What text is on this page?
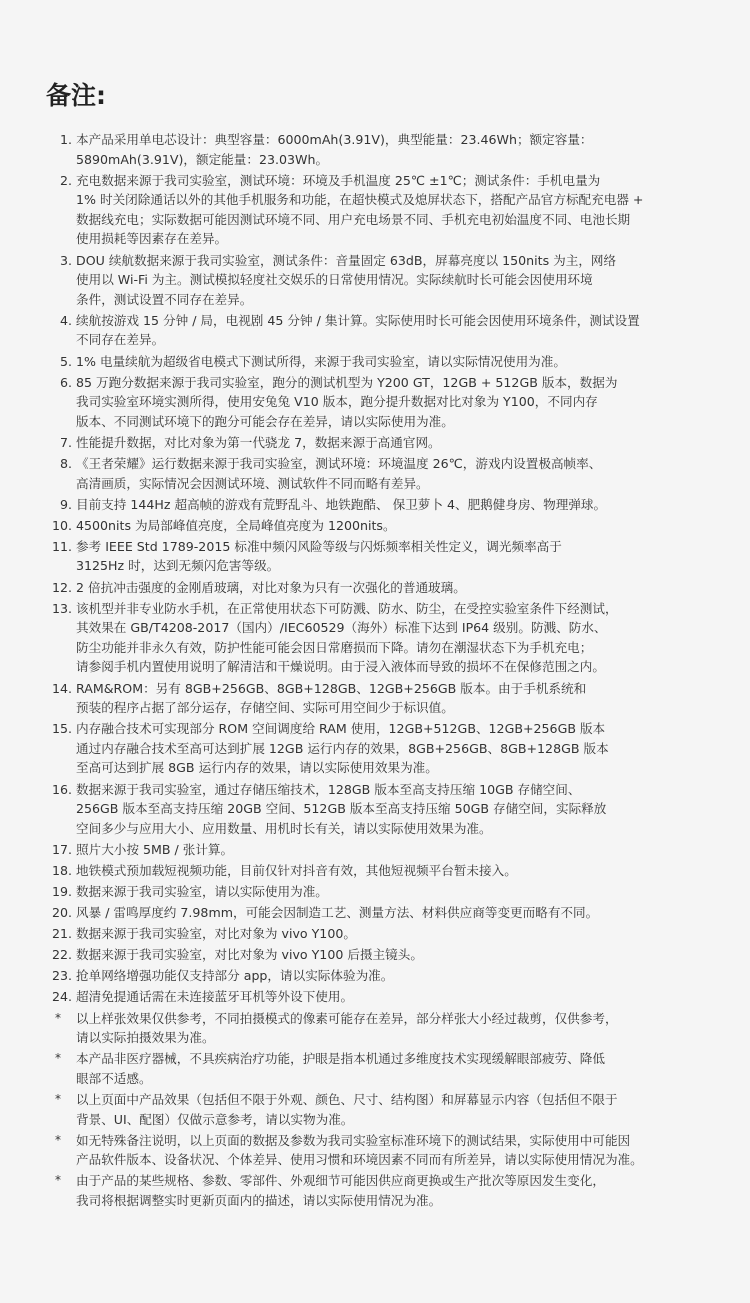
备注:
1. 本产品采用单电芯设计：典型容量：6000mAh(3.91V)，典型能量：23.46Wh；额定容量：
5890mAh(3.91V)，额定能量：23.03Wh。
2. 充电数据来源于我司实验室，测试环境：环境及手机温度 25℃ ±1℃；测试条件：手机电量为
1% 时关闭除通话以外的其他手机服务和功能，在超快模式及熄屏状态下，搭配产品官方标配充电器 +
数据线充电；实际数据可能因测试环境不同、用户充电场景不同、手机充电初始温度不同、电池长期
使用损耗等因素存在差异。
3. DOU 续航数据来源于我司实验室，测试条件：音量固定 63dB，屏幕亮度以 150nits 为主，网络
使用以 Wi-Fi 为主。测试模拟轻度社交娱乐的日常使用情况。实际续航时长可能会因使用环境
条件，测试设置不同存在差异。
4. 续航按游戏 15 分钟 / 局，电视剧 45 分钟 / 集计算。实际使用时长可能会因使用环境条件，测试设置
不同存在差异。
5. 1% 电量续航为超级省电模式下测试所得，来源于我司实验室，请以实际情况使用为准。
6. 85 万跑分数据来源于我司实验室，跑分的测试机型为 Y200 GT，12GB + 512GB 版本，数据为
我司实验室环境实测所得，使用安兔兔 V10 版本，跑分提升数据对比对象为 Y100，不同内存
版本、不同测试环境下的跑分可能会存在差异，请以实际使用为准。
7. 性能提升数据，对比对象为第一代骁龙 7，数据来源于高通官网。
8. 《王者荣耀》运行数据来源于我司实验室，测试环境：环境温度 26℃，游戏内设置极高帧率、
高清画质，实际情况会因测试环境、测试软件不同而略有差异。
9. 目前支持 144Hz 超高帧的游戏有荒野乱斗、地铁跑酷、 保卫萝卜 4、肥鹅健身房、物理弹球。
10. 4500nits 为局部峰值亮度，全局峰值亮度为 1200nits。
11. 参考 IEEE Std 1789-2015 标准中频闪风险等级与闪烁频率相关性定义，调光频率高于
3125Hz 时，达到无频闪危害等级。
12. 2 倍抗冲击强度的金刚盾玻璃，对比对象为只有一次强化的普通玻璃。
13. 该机型并非专业防水手机，在正常使用状态下可防溅、防水、防尘，在受控实验室条件下经测试，
其效果在 GB/T4208-2017（国内）/IEC60529（海外）标准下达到 IP64 级别。防溅、防水、
防尘功能并非永久有效，防护性能可能会因日常磨损而下降。请勿在潮湿状态下为手机充电；
请参阅手机内置使用说明了解清洁和干燥说明。由于浸入液体而导致的损坏不在保修范围之内。
14. RAM&ROM：另有 8GB+256GB、8GB+128GB、12GB+256GB 版本。由于手机系统和
预装的程序占据了部分运存，存储空间、实际可用空间少于标识值。
15. 内存融合技术可实现部分 ROM 空间调度给 RAM 使用，12GB+512GB、12GB+256GB 版本
通过内存融合技术至高可达到扩展 12GB 运行内存的效果，8GB+256GB、8GB+128GB 版本
至高可达到扩展 8GB 运行内存的效果，请以实际使用效果为准。
16. 数据来源于我司实验室，通过存储压缩技术，128GB 版本至高支持压缩 10GB 存储空间、
256GB 版本至高支持压缩 20GB 空间、512GB 版本至高支持压缩 50GB 存储空间，实际释放
空间多少与应用大小、应用数量、用机时长有关，请以实际使用效果为准。
17. 照片大小按 5MB / 张计算。
18. 地铁模式预加载短视频功能，目前仅针对抖音有效，其他短视频平台暂未接入。
19. 数据来源于我司实验室，请以实际使用为准。
20. 风暴 / 雷鸣厚度约 7.98mm，可能会因制造工艺、测量方法、材料供应商等变更而略有不同。
21. 数据来源于我司实验室，对比对象为 vivo Y100。
22. 数据来源于我司实验室，对比对象为 vivo Y100 后摄主镜头。
23. 抢单网络增强功能仅支持部分 app，请以实际体验为准。
24. 超清免提通话需在未连接蓝牙耳机等外设下使用。
*	以上样张效果仅供参考，不同拍摄模式的像素可能存在差异，部分样张大小经过裁剪，仅供参考，
请以实际拍摄效果为准。
*	本产品非医疗器械，不具疾病治疗功能，护眼是指本机通过多维度技术实现缓解眼部疲劳、降低
眼部不适感。
*	以上页面中产品效果（包括但不限于外观、颜色、尺寸、结构图）和屏幕显示内容（包括但不限于
背景、UI、配图）仅做示意参考，请以实物为准。
*	如无特殊备注说明，以上页面的数据及参数为我司实验室标准环境下的测试结果，实际使用中可能因
产品软件版本、设备状况、个体差异、使用习惯和环境因素不同而有所差异，请以实际使用情况为准。
*	由于产品的某些规格、参数、零部件、外观细节可能因供应商更换或生产批次等原因发生变化，
我司将根据调整实时更新页面内的描述，请以实际使用情况为准。
